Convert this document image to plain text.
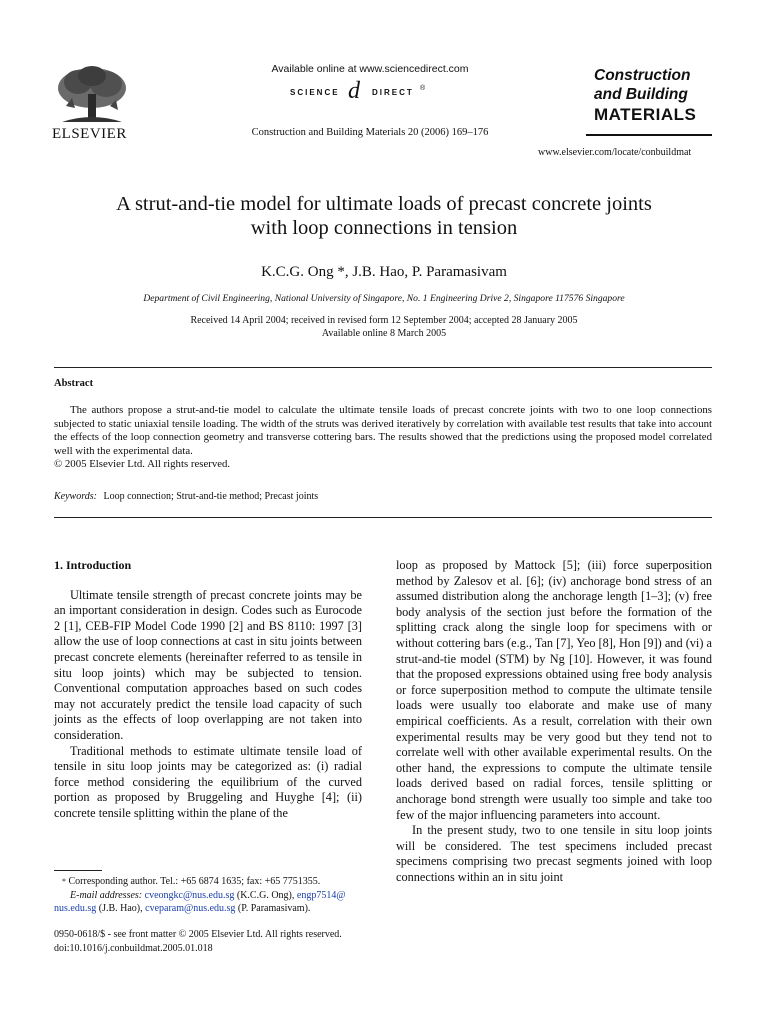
ELSEVIER
Available online at www.sciencedirect.com
SCIENCE d DIRECT ®
Construction and Building Materials 20 (2006) 169–176
Construction
and Building
MATERIALS
www.elsevier.com/locate/conbuildmat
A strut-and-tie model for ultimate loads of precast concrete joints
with loop connections in tension
K.C.G. Ong *, J.B. Hao, P. Paramasivam
Department of Civil Engineering, National University of Singapore, No. 1 Engineering Drive 2, Singapore 117576 Singapore
Received 14 April 2004; received in revised form 12 September 2004; accepted 28 January 2005
Available online 8 March 2005
Abstract
The authors propose a strut-and-tie model to calculate the ultimate tensile loads of precast concrete joints with two to one loop connections subjected to static uniaxial tensile loading. The width of the struts was derived iteratively by correlation with available test results that take into account the effects of the loop connection geometry and transverse cottering bars. The results showed that the predictions using the proposed model correlated well with the experimental data.
© 2005 Elsevier Ltd. All rights reserved.
Keywords: Loop connection; Strut-and-tie method; Precast joints
1. Introduction

Ultimate tensile strength of precast concrete joints may be an important consideration in design. Codes such as Eurocode 2 [1], CEB-FIP Model Code 1990 [2] and BS 8110: 1997 [3] allow the use of loop connections at cast in situ joints between precast concrete elements (hereinafter referred to as tensile in situ loop joints) which may be subjected to tension. Conventional computation approaches based on such codes may not accurately predict the tensile load capacity of such joints as the effects of loop overlapping are not taken into consideration.

Traditional methods to estimate ultimate tensile load of tensile in situ loop joints may be categorized as: (i) radial force method considering the equilibrium of the curved portion as proposed by Bruggeling and Huyghe [4]; (ii) concrete tensile splitting within the plane of the

loop as proposed by Mattock [5]; (iii) force superposition method by Zalesov et al. [6]; (iv) anchorage bond stress of an assumed distribution along the anchorage length [1–3]; (v) free body analysis of the section just before the formation of the splitting crack along the single loop for specimens with or without cottering bars (e.g., Tan [7], Yeo [8], Hon [9]) and (vi) a strut-and-tie model (STM) by Ng [10]. However, it was found that the proposed expressions obtained using free body analysis or force superposition method to compute the ultimate tensile loads were usually too elaborate and make use of many empirical coefficients. As a result, correlation with their own experimental results may be very good but they tend not to correlate well with other available experimental results. On the other hand, the expressions to compute the ultimate tensile loads derived based on radial forces, tensile splitting or anchorage bond strength were usually too simple and take too few of the major influencing parameters into account.

In the present study, two to one tensile in situ loop joints will be considered. The test specimens included precast specimens comprising two precast segments joined with loop connections within an in situ joint

* Corresponding author. Tel.: +65 6874 1635; fax: +65 7751355.
E-mail addresses: cveongkc@nus.edu.sg (K.C.G. Ong), engp7514@
nus.edu.sg (J.B. Hao), cveparam@nus.edu.sg (P. Paramasivam).
0950-0618/$ - see front matter © 2005 Elsevier Ltd. All rights reserved.
doi:10.1016/j.conbuildmat.2005.01.018
